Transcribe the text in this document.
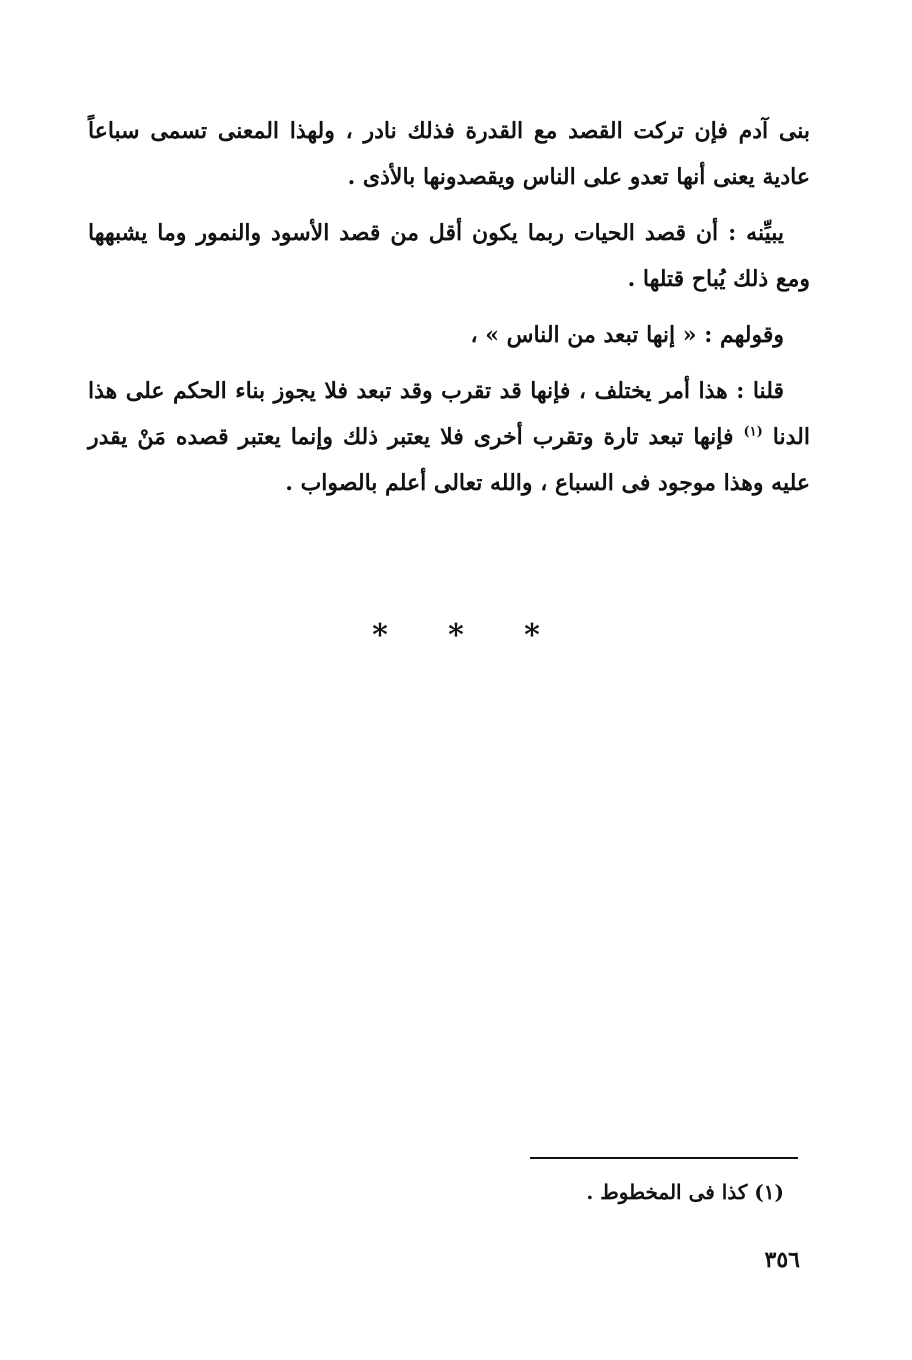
بنى آدم فإن تركت القصد مع القدرة فذلك نادر ، ولهذا المعنى تسمى سباعاً عادية يعنى أنها تعدو على الناس ويقصدونها بالأذى .

يبيِّنه : أن قصد الحيات ربما يكون أقل من قصد الأسود والنمور وما يشبهها ومع ذلك يُباح قتلها .

وقولهم : « إنها تبعد من الناس » ،

قلنا : هذا أمر يختلف ، فإنها قد تقرب وقد تبعد فلا يجوز بناء الحكم على هذا الدنا $^{(١)}$ فإنها تبعد تارة وتقرب أخرى فلا يعتبر ذلك وإنما يعتبر قصده مَنْ يقدر عليه وهذا موجود فى السباع ، والله تعالى أعلم بالصواب .

* * *
(١) كذا فى المخطوط .
٣٥٦
